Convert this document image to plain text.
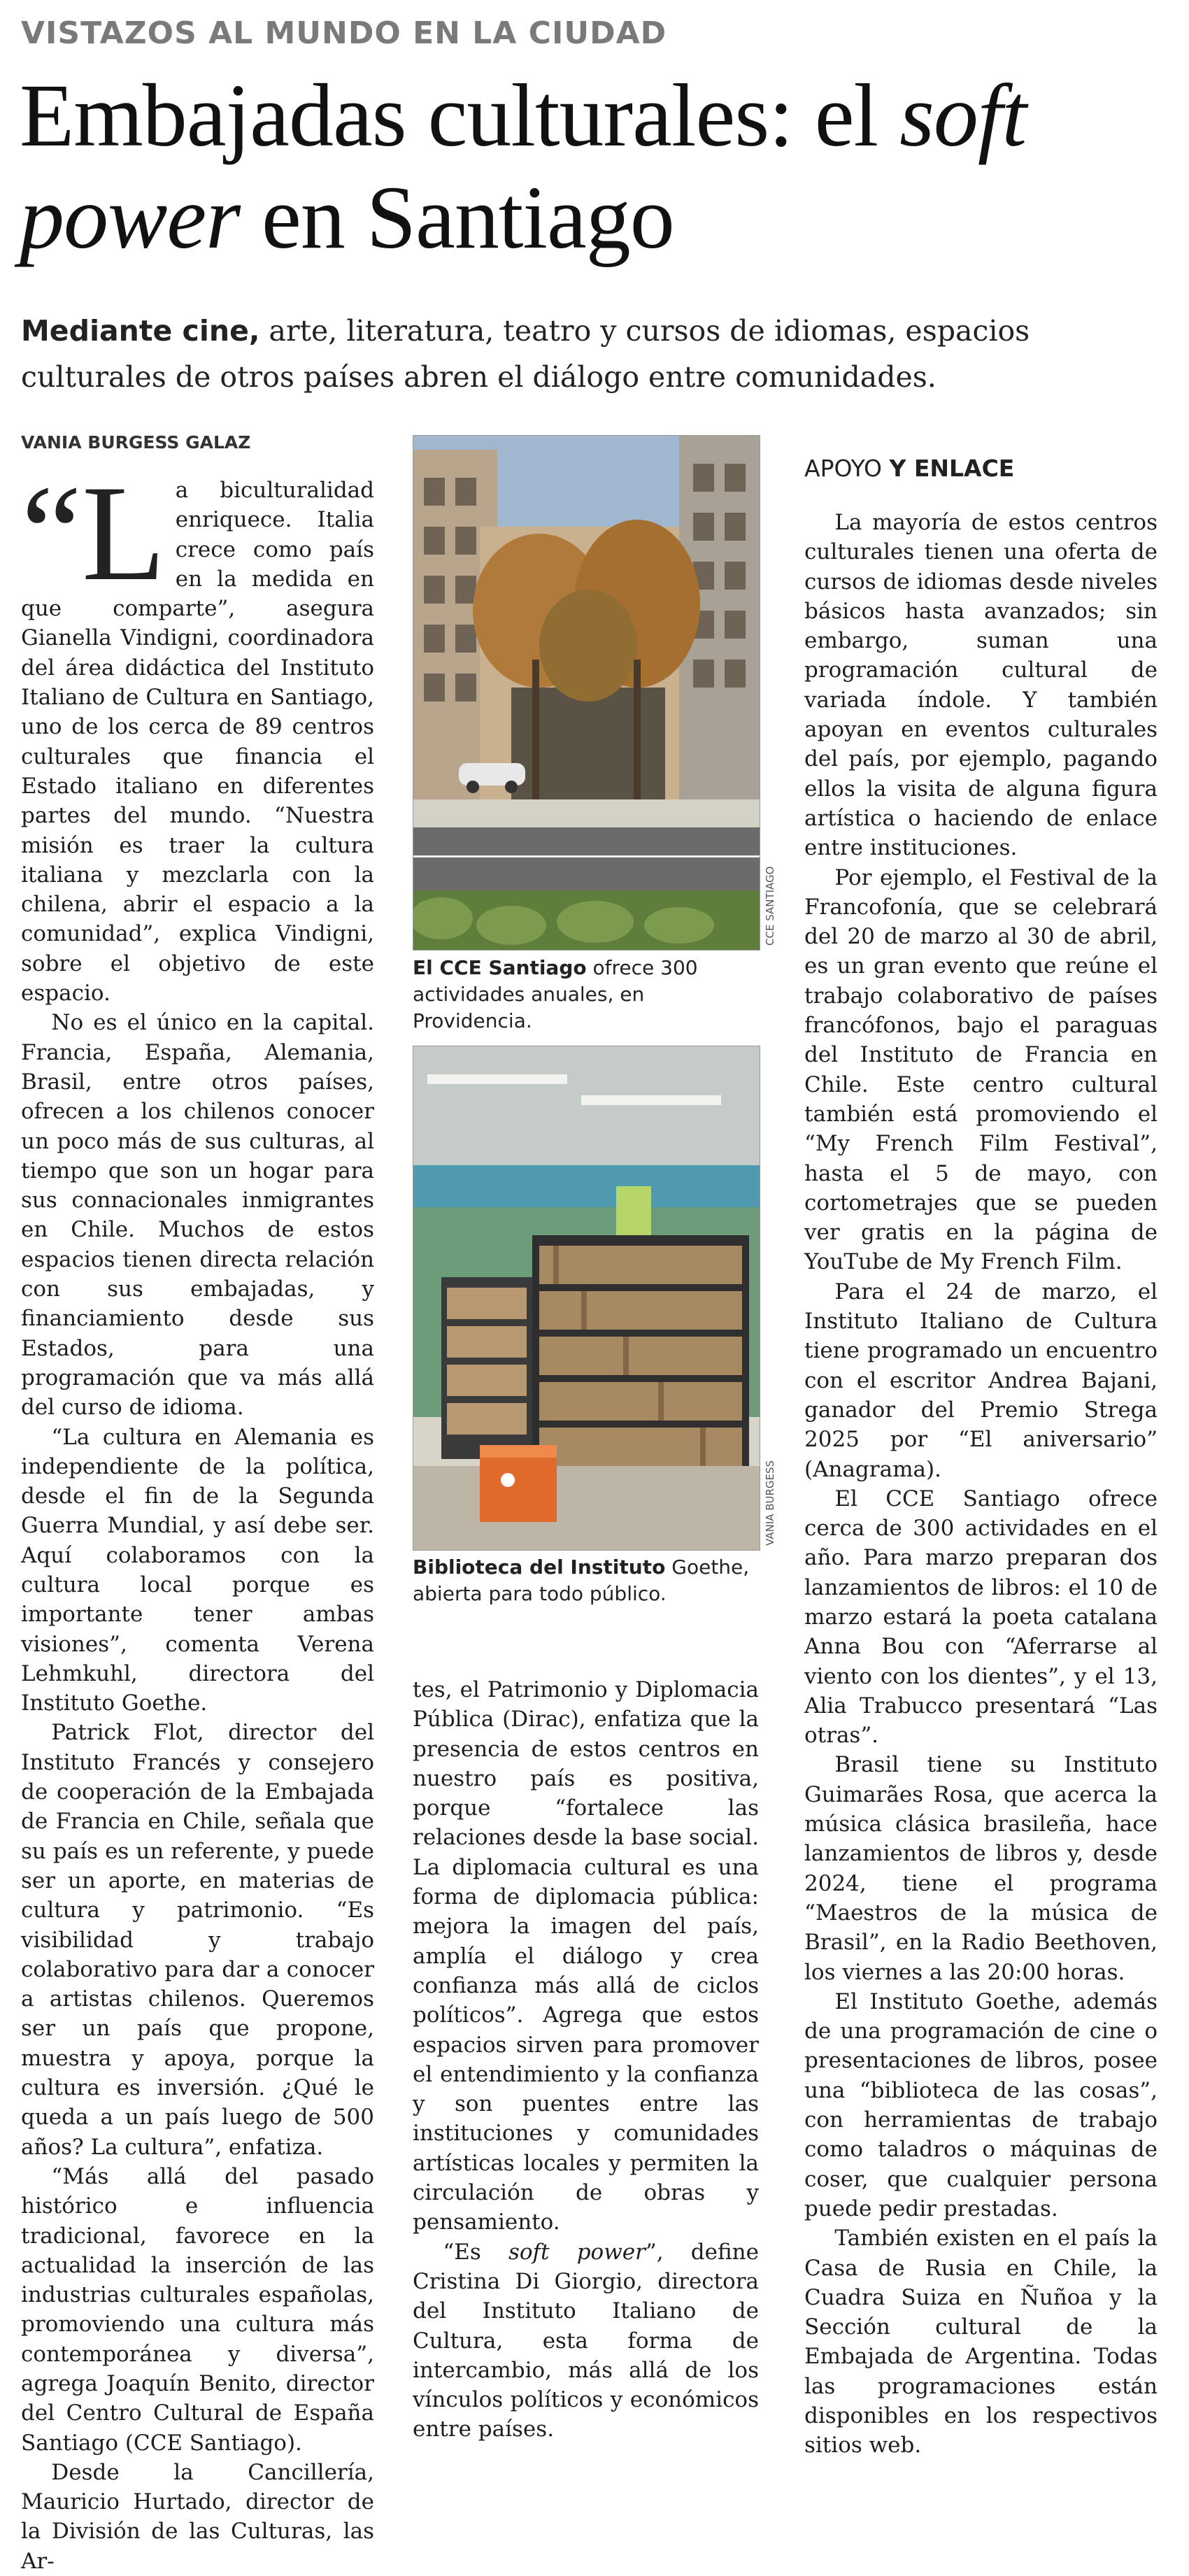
VISTAZOS AL MUNDO EN LA CIUDAD
Embajadas culturales: el soft
power en Santiago
Mediante cine, arte, literatura, teatro y cursos de idiomas, espacios culturales de otros países abren el diálogo entre comunidades.
VANIA BURGESS GALAZ

“La biculturalidad enriquece. Italia crece como país en la medida en que comparte”, asegura Gianella Vindigni, coordinadora del área didáctica del Instituto Italiano de Cultura en Santiago, uno de los cerca de 89 centros culturales que financia el Estado italiano en diferentes partes del mundo. “Nuestra misión es traer la cultura italiana y mezclarla con la chilena, abrir el espacio a la comunidad”, explica Vindigni, sobre el objetivo de este espacio.

No es el único en la capital. Francia, España, Alemania, Brasil, entre otros países, ofrecen a los chilenos conocer un poco más de sus culturas, al tiempo que son un hogar para sus connacionales inmigrantes en Chile. Muchos de estos espacios tienen directa relación con sus embajadas, y financiamiento desde sus Estados, para una programación que va más allá del curso de idioma.

“La cultura en Alemania es independiente de la política, desde el fin de la Segunda Guerra Mundial, y así debe ser. Aquí colaboramos con la cultura local porque es importante tener ambas visiones”, comenta Verena Lehmkuhl, directora del Instituto Goethe.

Patrick Flot, director del Instituto Francés y consejero de cooperación de la Embajada de Francia en Chile, señala que su país es un referente, y puede ser un aporte, en materias de cultura y patrimonio. “Es visibilidad y trabajo colaborativo para dar a conocer a artistas chilenos. Queremos ser un país que propone, muestra y apoya, porque la cultura es inversión. ¿Qué le queda a un país luego de 500 años? La cultura”, enfatiza.

“Más allá del pasado histórico e influencia tradicional, favorece en la actualidad la inserción de las industrias culturales españolas, promoviendo una cultura más contemporánea y diversa”, agrega Joaquín Benito, director del Centro Cultural de España Santiago (CCE Santiago).

Desde la Cancillería, Mauricio Hurtado, director de la División de las Culturas, las Ar-

CCE SANTIAGO
El CCE Santiago ofrece 300 actividades anuales, en Providencia.
VANIA BURGESS
Biblioteca del Instituto Goethe, abierta para todo público.

tes, el Patrimonio y Diplomacia Pública (Dirac), enfatiza que la presencia de estos centros en nuestro país es positiva, porque “fortalece las relaciones desde la base social. La diplomacia cultural es una forma de diplomacia pública: mejora la imagen del país, amplía el diálogo y crea confianza más allá de ciclos políticos”. Agrega que estos espacios sirven para promover el entendimiento y la confianza y son puentes entre las instituciones y comunidades artísticas locales y permiten la circulación de obras y pensamiento.

“Es soft power”, define Cristina Di Giorgio, directora del Instituto Italiano de Cultura, esta forma de intercambio, más allá de los vínculos políticos y económicos entre países.

APOYO Y ENLACE

La mayoría de estos centros culturales tienen una oferta de cursos de idiomas desde niveles básicos hasta avanzados; sin embargo, suman una programación cultural de variada índole. Y también apoyan en eventos culturales del país, por ejemplo, pagando ellos la visita de alguna figura artística o haciendo de enlace entre instituciones.

Por ejemplo, el Festival de la Francofonía, que se celebrará del 20 de marzo al 30 de abril, es un gran evento que reúne el trabajo colaborativo de países francófonos, bajo el paraguas del Instituto de Francia en Chile. Este centro cultural también está promoviendo el “My French Film Festival”, hasta el 5 de mayo, con cortometrajes que se pueden ver gratis en la página de YouTube de My French Film.

Para el 24 de marzo, el Instituto Italiano de Cultura tiene programado un encuentro con el escritor Andrea Bajani, ganador del Premio Strega 2025 por “El aniversario” (Anagrama).

El CCE Santiago ofrece cerca de 300 actividades en el año. Para marzo preparan dos lanzamientos de libros: el 10 de marzo estará la poeta catalana Anna Bou con “Aferrarse al viento con los dientes”, y el 13, Alia Trabucco presentará “Las otras”.

Brasil tiene su Instituto Guimarães Rosa, que acerca la música clásica brasileña, hace lanzamientos de libros y, desde 2024, tiene el programa “Maestros de la música de Brasil”, en la Radio Beethoven, los viernes a las 20:00 horas.

El Instituto Goethe, además de una programación de cine o presentaciones de libros, posee una “biblioteca de las cosas”, con herramientas de trabajo como taladros o máquinas de coser, que cualquier persona puede pedir prestadas.

También existen en el país la Casa de Rusia en Chile, la Cuadra Suiza en Ñuñoa y la Sección cultural de la Embajada de Argentina. Todas las programaciones están disponibles en los respectivos sitios web.
